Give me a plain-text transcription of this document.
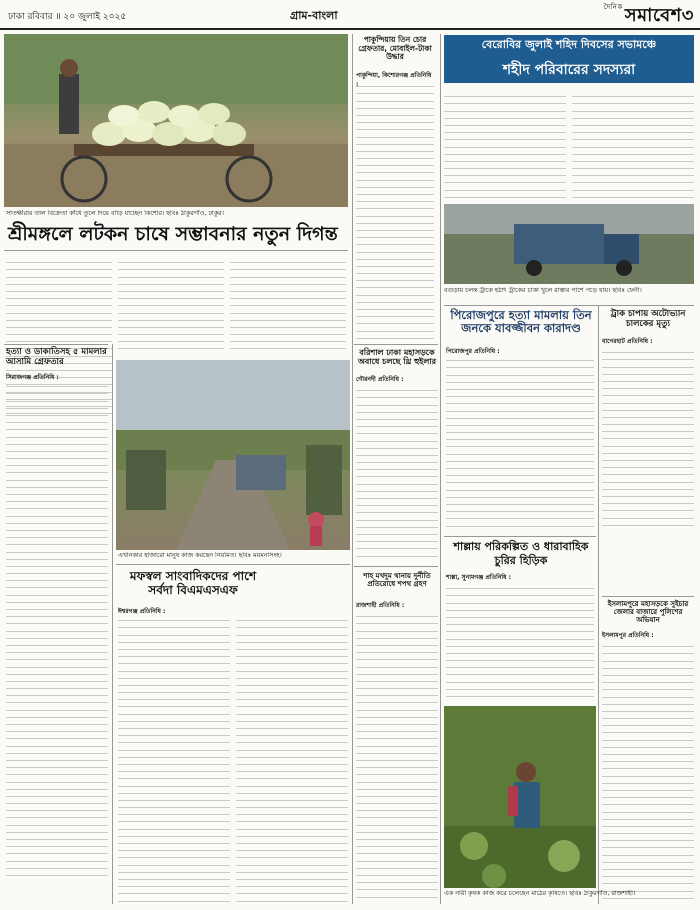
ঢাকা রবিবার ॥ ২০ জুলাই ২০২৫	গ্রাম-বাংলা
$^{দৈনিক}$ সমাবেশ৩
সাতক্ষীরার তাল বিক্রেতা কাঁধে তুলে দিয়ে বাড়ি যাচ্ছেন কিশোর। ছবিঃ ঠাকুরগাঁও, ঢাকুর।
শ্রীমঙ্গলে লটকন চাষে সম্ভাবনার নতুন দিগন্ত
হত্যা ও ডাকাতিসহ ৫ মামলার আসামি গ্রেফতার
সিরাজগঞ্জ প্রতিনিধি :
এখানকার হাজারো মানুষ কাজ করছেন নিয়মিত। ছবিঃ ময়মনসিংহ।
মফস্বল সাংবাদিকদের পাশে সর্বদা বিএমএসএফ
ঈশ্বরগঞ্জ প্রতিনিধি :
পাকুন্দিয়ায় তিন চোর গ্রেফতার, মোবাইল-টাকা উদ্ধার
পাকুন্দিয়া, কিশোরগঞ্জ প্রতিনিধি :
বরিশাল ঢাকা মহাসড়কে অবাধে চলছে থ্রি হুইলার
গৌরনদী প্রতিনিধি :
শাহ মখদুম থানায় দুর্নীতি প্রতিরোধে শপথ গ্রহণ
রাজশাহী প্রতিনিধি :
বেরোবির জুলাই শহিদ দিবসের সভামঞ্চে
শহীদ পরিবারের সদস্যরা
বগুড়ায় চলন্ত ট্রাকে হঠাৎ ট্রাকের চাকা খুলে রাস্তার পাশে পড়ে যায়। ছবিঃ ফেনী।
পিরোজপুরে হত্যা মামলায় তিন জনকে যাবজ্জীবন কারাদণ্ড
পিরোজপুর প্রতিনিধি :
ট্রাক চাপায় অটোভ্যান চালকের মৃত্যু
বাগেরহাট প্রতিনিধি :
শাল্লায় পরিকল্পিত ও ধারাবাহিক চুরির হিড়িক
শাল্লা, সুনামগঞ্জ প্রতিনিধি :
ইসলামপুরে মহাসড়কে সুইচার জেলার বাজারে পুলিশের অভিযান
ইসলামপুর প্রতিনিধি :
এক নারী কৃষক কাজ করে চলেছেন মাঠের কৃষিতে। ছবিঃ ঠাকুরগাঁও, রাজশাহী।
